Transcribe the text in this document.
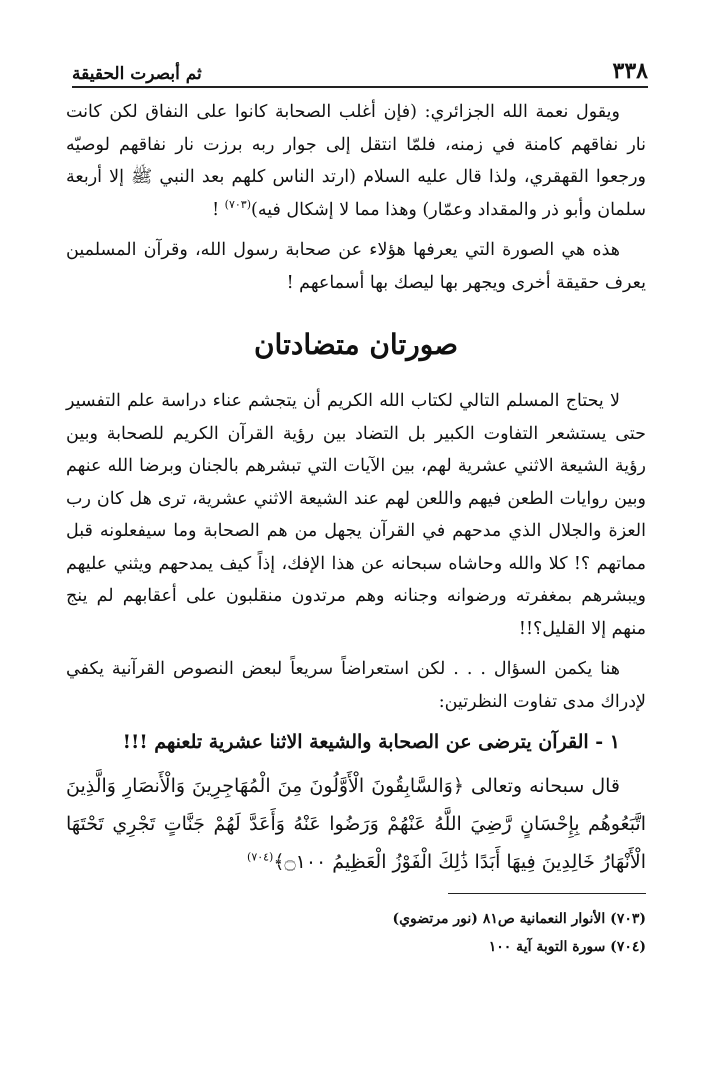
٣٣٨
ثم أبصرت الحقيقة

ويقول نعمة الله الجزائري: (فإن أغلب الصحابة كانوا على النفاق لكن كانت نار نفاقهم كامنة في زمنه، فلمّا انتقل إلى جوار ربه برزت نار نفاقهم لوصيّه ورجعوا القهقري، ولذا قال عليه السلام (ارتد الناس كلهم بعد النبي ﷺ إلا أربعة سلمان وأبو ذر والمقداد وعمّار) وهذا مما لا إشكال فيه)$^{(٧٠٣)}$ !

هذه هي الصورة التي يعرفها هؤلاء عن صحابة رسول الله، وقرآن المسلمين يعرف حقيقة أخرى ويجهر بها ليصك بها أسماعهم !

صورتان متضادتان

لا يحتاج المسلم التالي لكتاب الله الكريم أن يتجشم عناء دراسة علم التفسير حتى يستشعر التفاوت الكبير بل التضاد بين رؤية القرآن الكريم للصحابة وبين رؤية الشيعة الاثني عشرية لهم، بين الآيات التي تبشرهم بالجنان وبرضا الله عنهم وبين روايات الطعن فيهم واللعن لهم عند الشيعة الاثني عشرية، ترى هل كان رب العزة والجلال الذي مدحهم في القرآن يجهل من هم الصحابة وما سيفعلونه قبل مماتهم ؟! كلا والله وحاشاه سبحانه عن هذا الإفك، إذاً كيف يمدحهم ويثني عليهم ويبشرهم بمغفرته ورضوانه وجنانه وهم مرتدون منقلبون على أعقابهم لم ينج منهم إلا القليل؟!!

هنا يكمن السؤال . . . لكن استعراضاً سريعاً لبعض النصوص القرآنية يكفي لإدراك مدى تفاوت النظرتين:

١ - القرآن يترضى عن الصحابة والشيعة الاثنا عشرية تلعنهم !!!

قال سبحانه وتعالى ﴿وَالسَّابِقُونَ الْأَوَّلُونَ مِنَ الْمُهَاجِرِينَ وَالْأَنصَارِ وَالَّذِينَ اتَّبَعُوهُم بِإِحْسَانٍ رَّضِيَ اللَّهُ عَنْهُمْ وَرَضُوا عَنْهُ وَأَعَدَّ لَهُمْ جَنَّاتٍ تَجْرِي تَحْتَهَا الْأَنْهَارُ خَالِدِينَ فِيهَا أَبَدًا ذَٰلِكَ الْفَوْزُ الْعَظِيمُ ۝١٠٠﴾$^{(٧٠٤)}$

(٧٠٣) الأنوار النعمانية ص٨١ (نور مرتضوي)
(٧٠٤) سورة التوبة آية ١٠٠
